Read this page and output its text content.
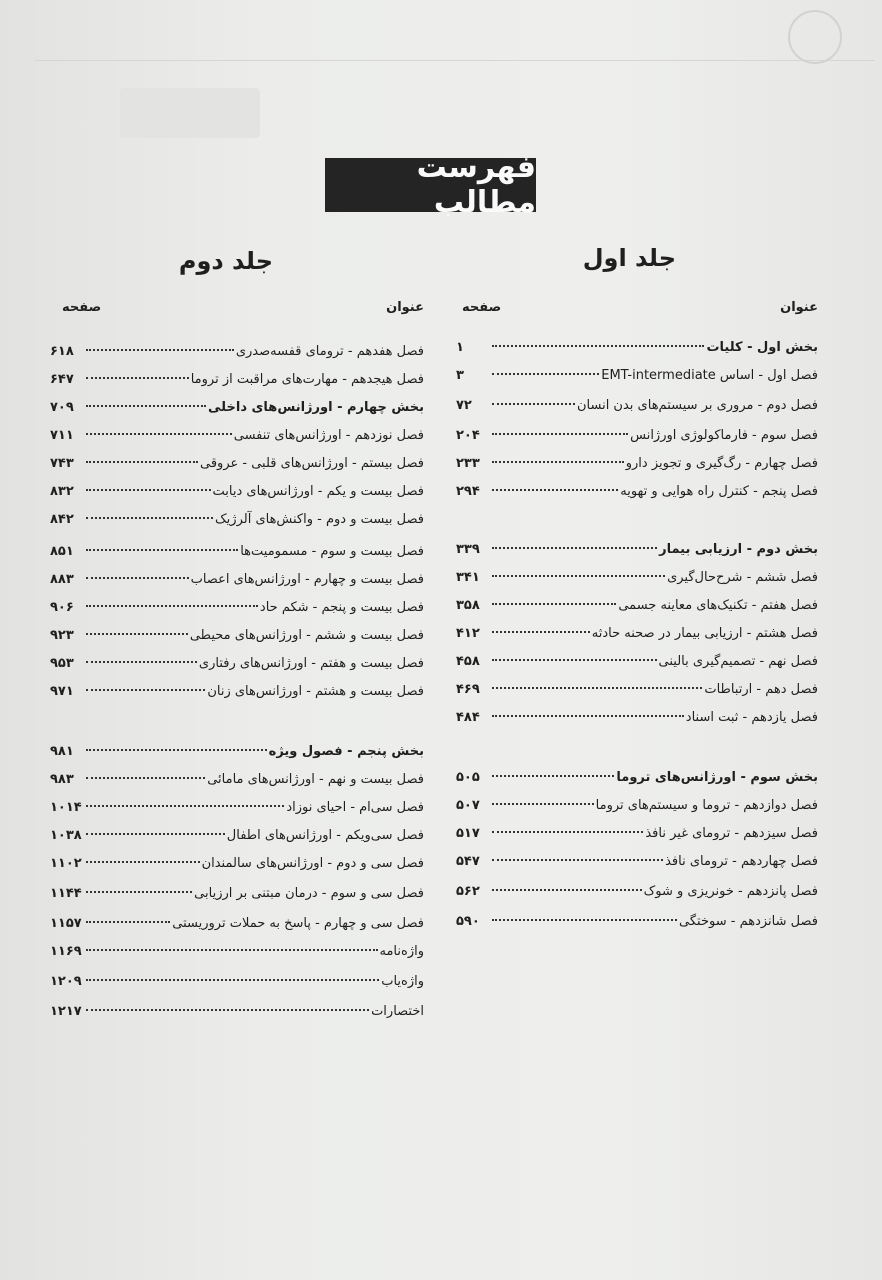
فهرست مطالب
جلد اول
جلد دوم
عنوان
صفحه
بخش اول - کلیات
۱
فصل اول - اساس EMT-intermediate
۳
فصل دوم - مروری بر سیستم‌های بدن انسان
۷۲
فصل سوم - فارماکولوژی اورژانس
۲۰۴
فصل چهارم - رگ‌گیری و تجویز دارو
۲۳۳
فصل پنجم - کنترل راه هوایی و تهویه
۲۹۴
بخش دوم - ارزیابی بیمار
۳۳۹
فصل ششم - شرح‌حال‌گیری
۳۴۱
فصل هفتم - تکنیک‌های معاینه جسمی
۳۵۸
فصل هشتم - ارزیابی بیمار در صحنه حادثه
۴۱۲
فصل نهم - تصمیم‌گیری بالینی
۴۵۸
فصل دهم - ارتباطات
۴۶۹
فصل یازدهم - ثبت اسناد
۴۸۴
بخش سوم - اورژانس‌های تروما
۵۰۵
فصل دوازدهم - تروما و سیستم‌های تروما
۵۰۷
فصل سیزدهم - ترومای غیر نافذ
۵۱۷
فصل چهاردهم - ترومای نافذ
۵۴۷
فصل پانزدهم - خونریزی و شوک
۵۶۲
فصل شانزدهم - سوختگی
۵۹۰
عنوان
صفحه
فصل هفدهم - ترومای قفسه‌صدری
۶۱۸
فصل هیجدهم - مهارت‌های مراقبت از تروما
۶۴۷
بخش چهارم - اورژانس‌های داخلی
۷۰۹
فصل نوزدهم - اورژانس‌های تنفسی
۷۱۱
فصل بیستم - اورژانس‌های قلبی - عروقی
۷۴۳
فصل بیست و یکم - اورژانس‌های دیابت
۸۳۲
فصل بیست و دوم - واکنش‌های آلرژیک
۸۴۲
فصل بیست و سوم - مسمومیت‌ها
۸۵۱
فصل بیست و چهارم - اورژانس‌های اعصاب
۸۸۳
فصل بیست و پنجم - شکم حاد
۹۰۶
فصل بیست و ششم - اورژانس‌های محیطی
۹۲۳
فصل بیست و هفتم - اورژانس‌های رفتاری
۹۵۳
فصل بیست و هشتم - اورژانس‌های زنان
۹۷۱
بخش پنجم - فصول ویژه
۹۸۱
فصل بیست و نهم - اورژانس‌های مامائی
۹۸۳
فصل سی‌ام - احیای نوزاد
۱۰۱۴
فصل سی‌ویکم - اورژانس‌های اطفال
۱۰۳۸
فصل سی و دوم - اورژانس‌های سالمندان
۱۱۰۲
فصل سی و سوم - درمان مبتنی بر ارزیابی
۱۱۴۴
فصل سی و چهارم - پاسخ به حملات تروریستی
۱۱۵۷
واژه‌نامه
۱۱۶۹
واژه‌یاب
۱۲۰۹
اختصارات
۱۲۱۷
